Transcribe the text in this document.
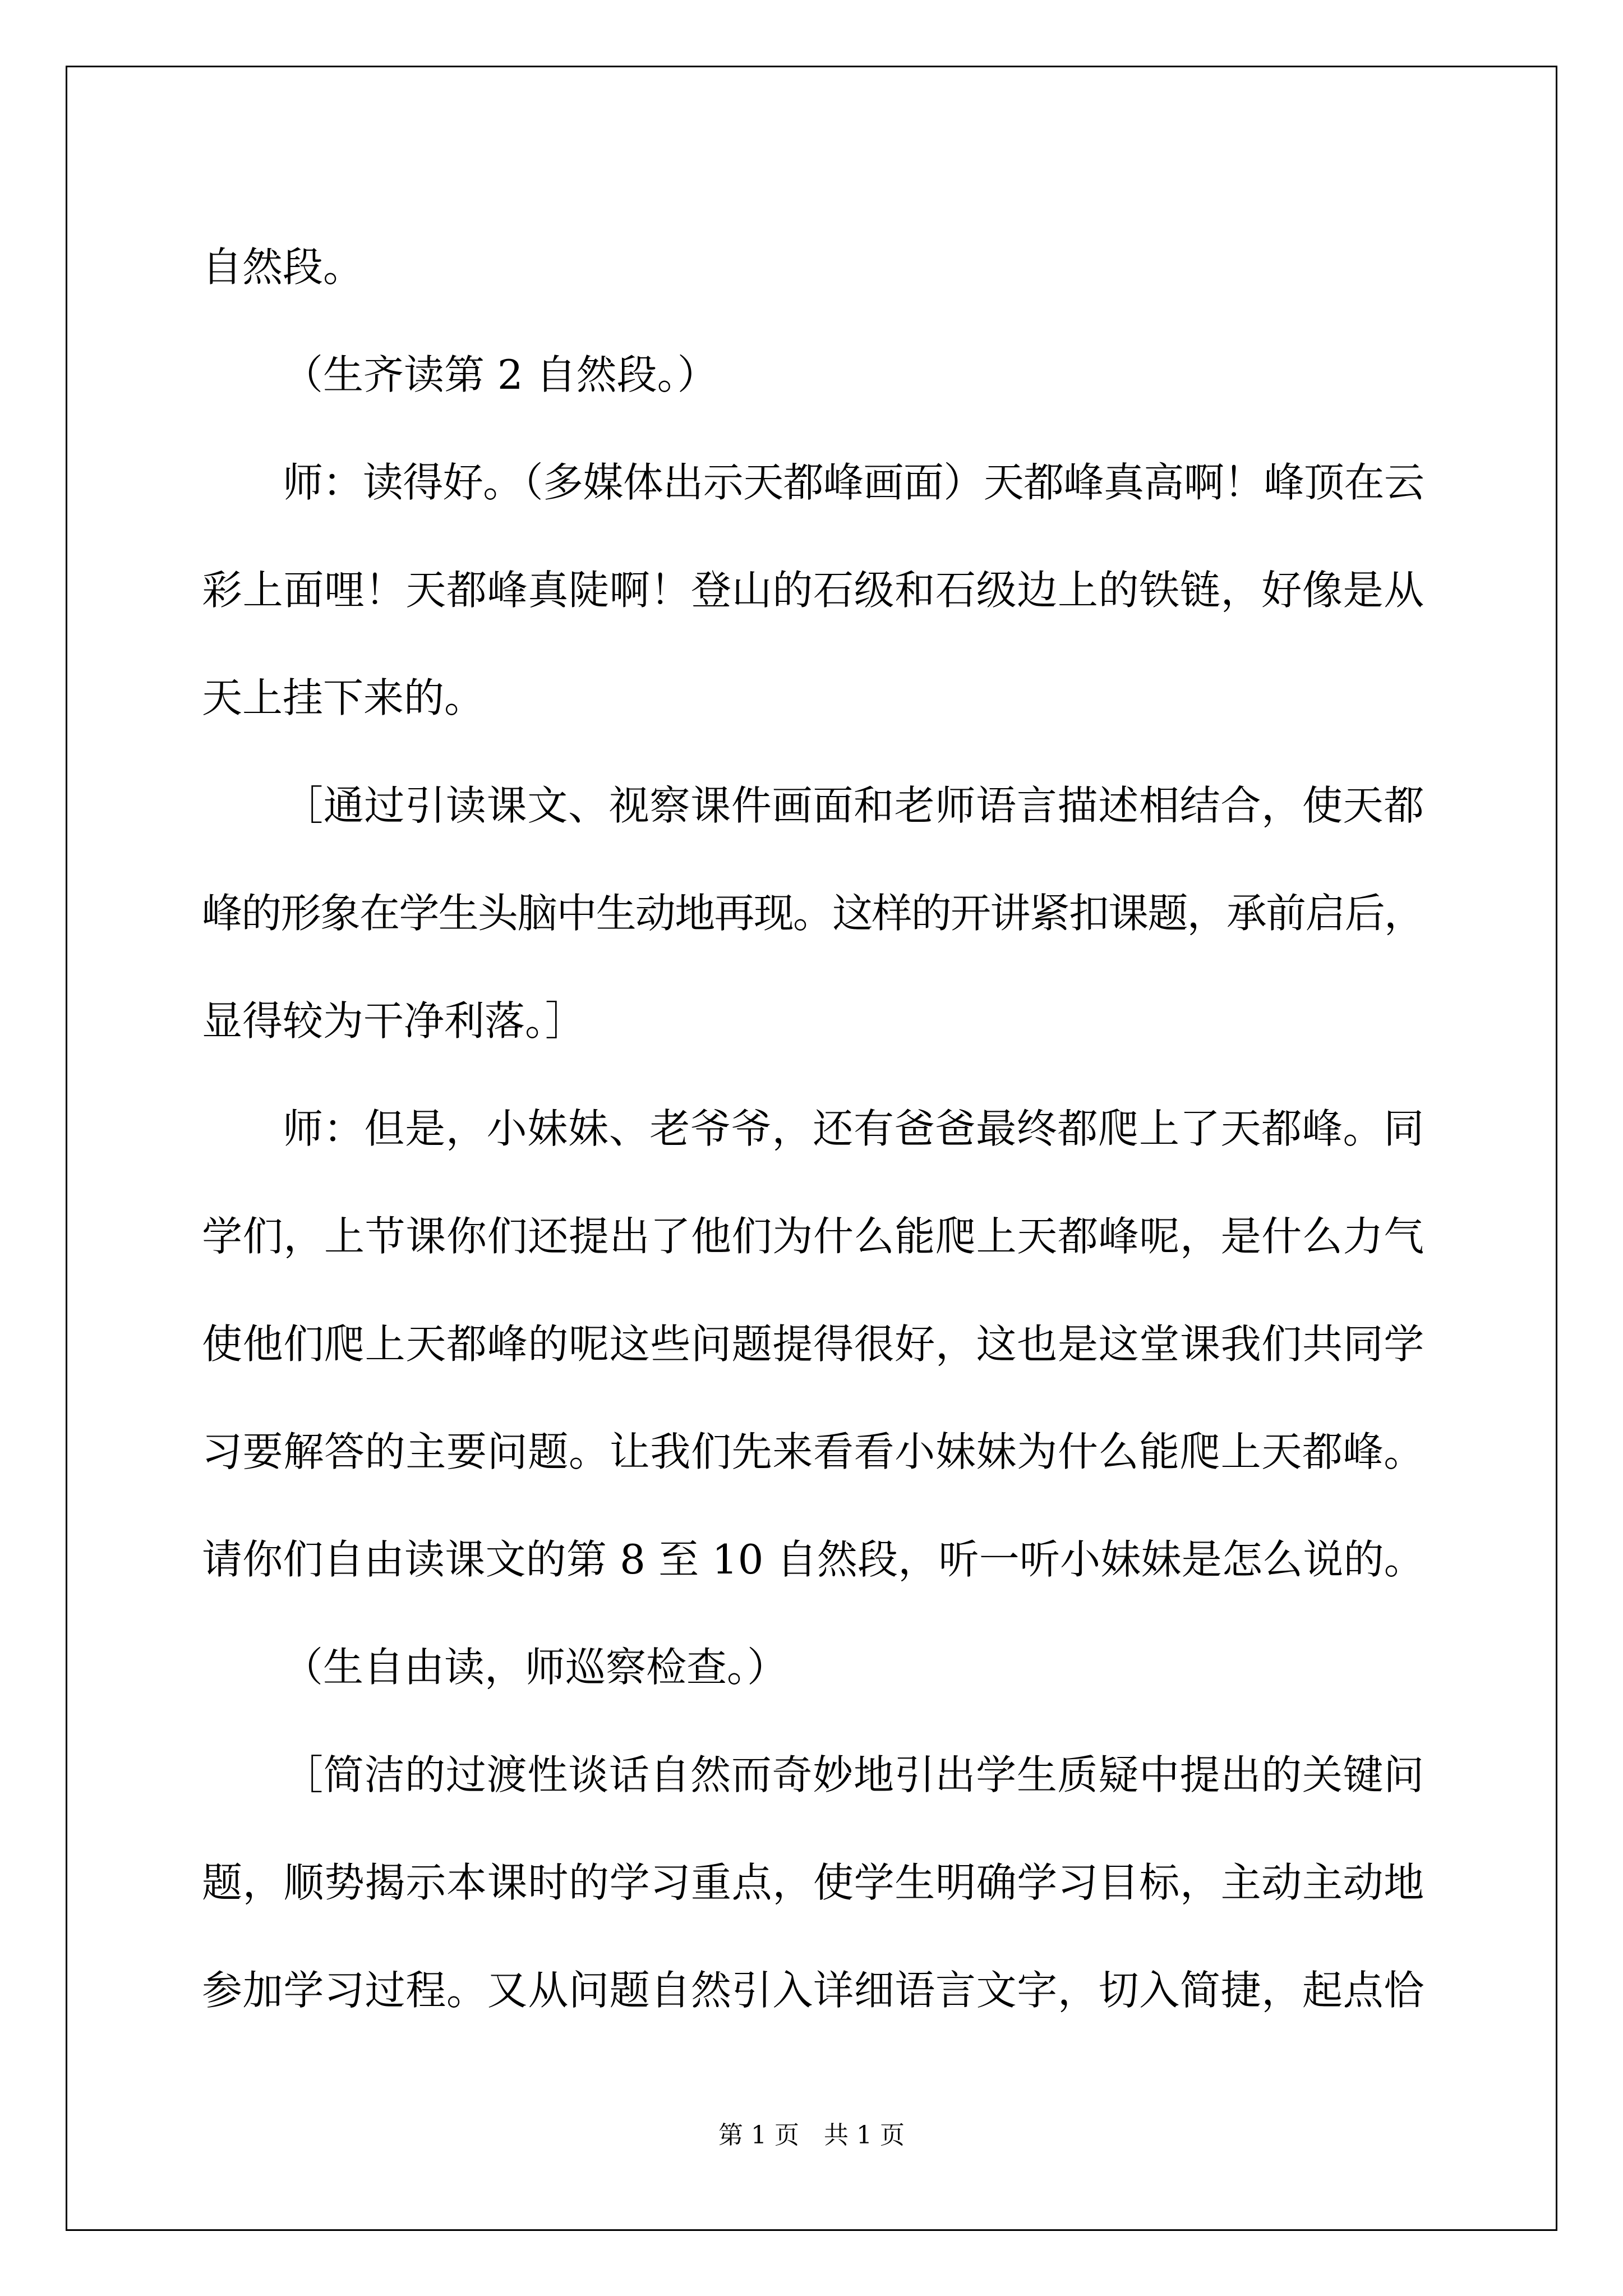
自然段。
（生齐读第 2 自然段。）
师：读得好。（多媒体出示天都峰画面）天都峰真高啊！峰顶在云
彩上面哩！天都峰真陡啊！登山的石级和石级边上的铁链，好像是从
天上挂下来的。
［通过引读课文、视察课件画面和老师语言描述相结合，使天都
峰的形象在学生头脑中生动地再现。这样的开讲紧扣课题，承前启后，
显得较为干净利落。］
师：但是，小妹妹、老爷爷，还有爸爸最终都爬上了天都峰。同
学们，上节课你们还提出了他们为什么能爬上天都峰呢，是什么力气
使他们爬上天都峰的呢这些问题提得很好，这也是这堂课我们共同学
习要解答的主要问题。让我们先来看看小妹妹为什么能爬上天都峰。
请你们自由读课文的第 8 至 10 自然段，听一听小妹妹是怎么说的。
（生自由读，师巡察检查。）
［简洁的过渡性谈话自然而奇妙地引出学生质疑中提出的关键问
题，顺势揭示本课时的学习重点，使学生明确学习目标，主动主动地
参加学习过程。又从问题自然引入详细语言文字，切入简捷，起点恰
第 1 页　共 1 页
